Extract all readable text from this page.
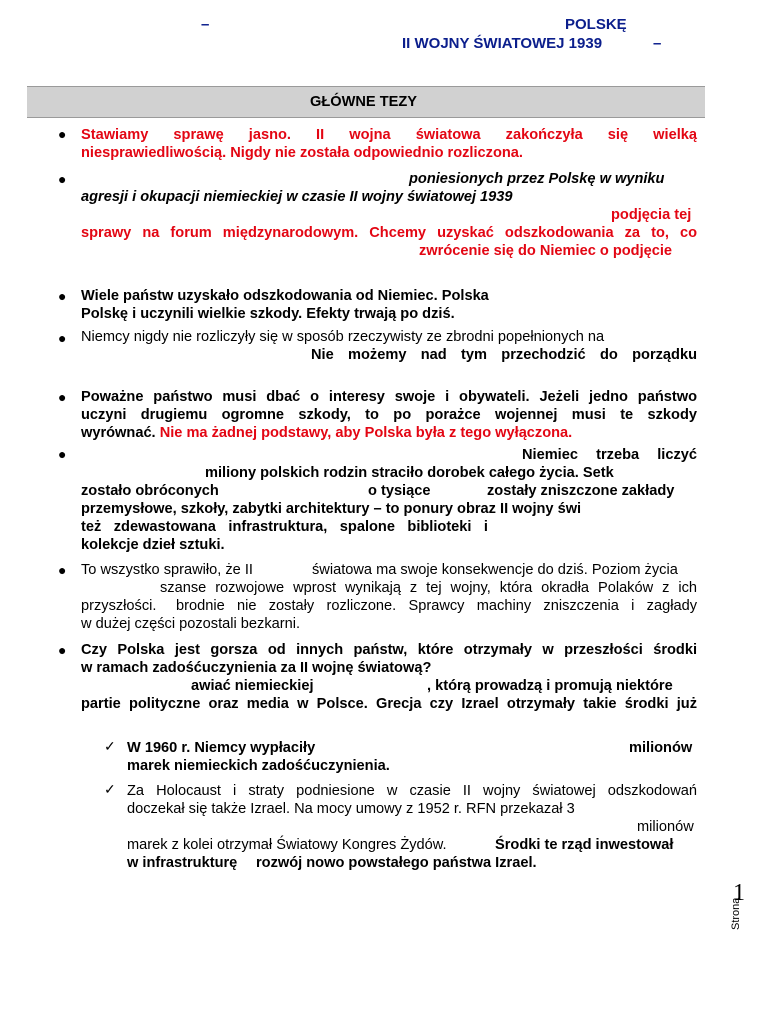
–	POLSKĘ
II WOJNY ŚWIATOWEJ 1939	–
GŁÓWNE TEZY
● Stawiamy sprawę jasno. II wojna światowa zakończyła się wielką
niesprawiedliwością. Nigdy nie została odpowiednio rozliczona.
●	poniesionych przez Polskę w wyniku
agresji i okupacji niemieckiej w czasie II wojny światowej 1939
podjęcia tej
sprawy na forum międzynarodowym. Chcemy uzyskać odszkodowania za to, co
zwrócenie się do Niemiec o podjęcie
● Wiele państw uzyskało odszkodowania od Niemiec. Polska
Polskę i uczynili wielkie szkody. Efekty trwają po dziś.
● Niemcy nigdy nie rozliczyły się w sposób rzeczywisty ze zbrodni popełnionych na
Nie możemy nad tym przechodzić do porządku
● Poważne państwo musi dbać o interesy swoje i obywateli. Jeżeli jedno państwo
uczyni drugiemu ogromne szkody, to po porażce wojennej musi te szkody
wyrównać. Nie ma żadnej podstawy, aby Polska była z tego wyłączona.
●	Niemiec trzeba liczyć
miliony polskich rodzin straciło dorobek całego życia. Setk
zostało obróconych	o tysiące	zostały zniszczone zakłady
przemysłowe, szkoły, zabytki architektury – to ponury obraz II wojny świ
też zdewastowana infrastruktura, spalone biblioteki i
kolekcje dzieł sztuki.
● To wszystko sprawiło, że II	światowa ma swoje konsekwencje do dziś. Poziom życia
szanse rozwojowe wprost wynikają z tej wojny, która okradła Polaków z ich
przyszłości. brodnie nie zostały rozliczone. Sprawcy machiny zniszczenia i zagłady
w dużej części pozostali bezkarni.
● Czy Polska jest gorsza od innych państw, które otrzymały w przeszłości środki
w ramach zadośćuczynienia za II wojnę światową?
awiać niemieckiej	, którą prowadzą i promują niektóre
partie polityczne oraz media w Polsce. Grecja czy Izrael otrzymały takie środki już
✓ W 1960 r. Niemcy wypłaciły	milionów
marek niemieckich zadośćuczynienia.
✓ Za Holocaust i straty podniesione w czasie II wojny światowej odszkodowań
doczekał się także Izrael. Na mocy umowy z 1952 r. RFN przekazał 3
milionów
marek z kolei otrzymał Światowy Kongres Żydów.	Środki te rząd inwestował
w infrastrukturę rozwój nowo powstałego państwa Izrael.
Strona
1
